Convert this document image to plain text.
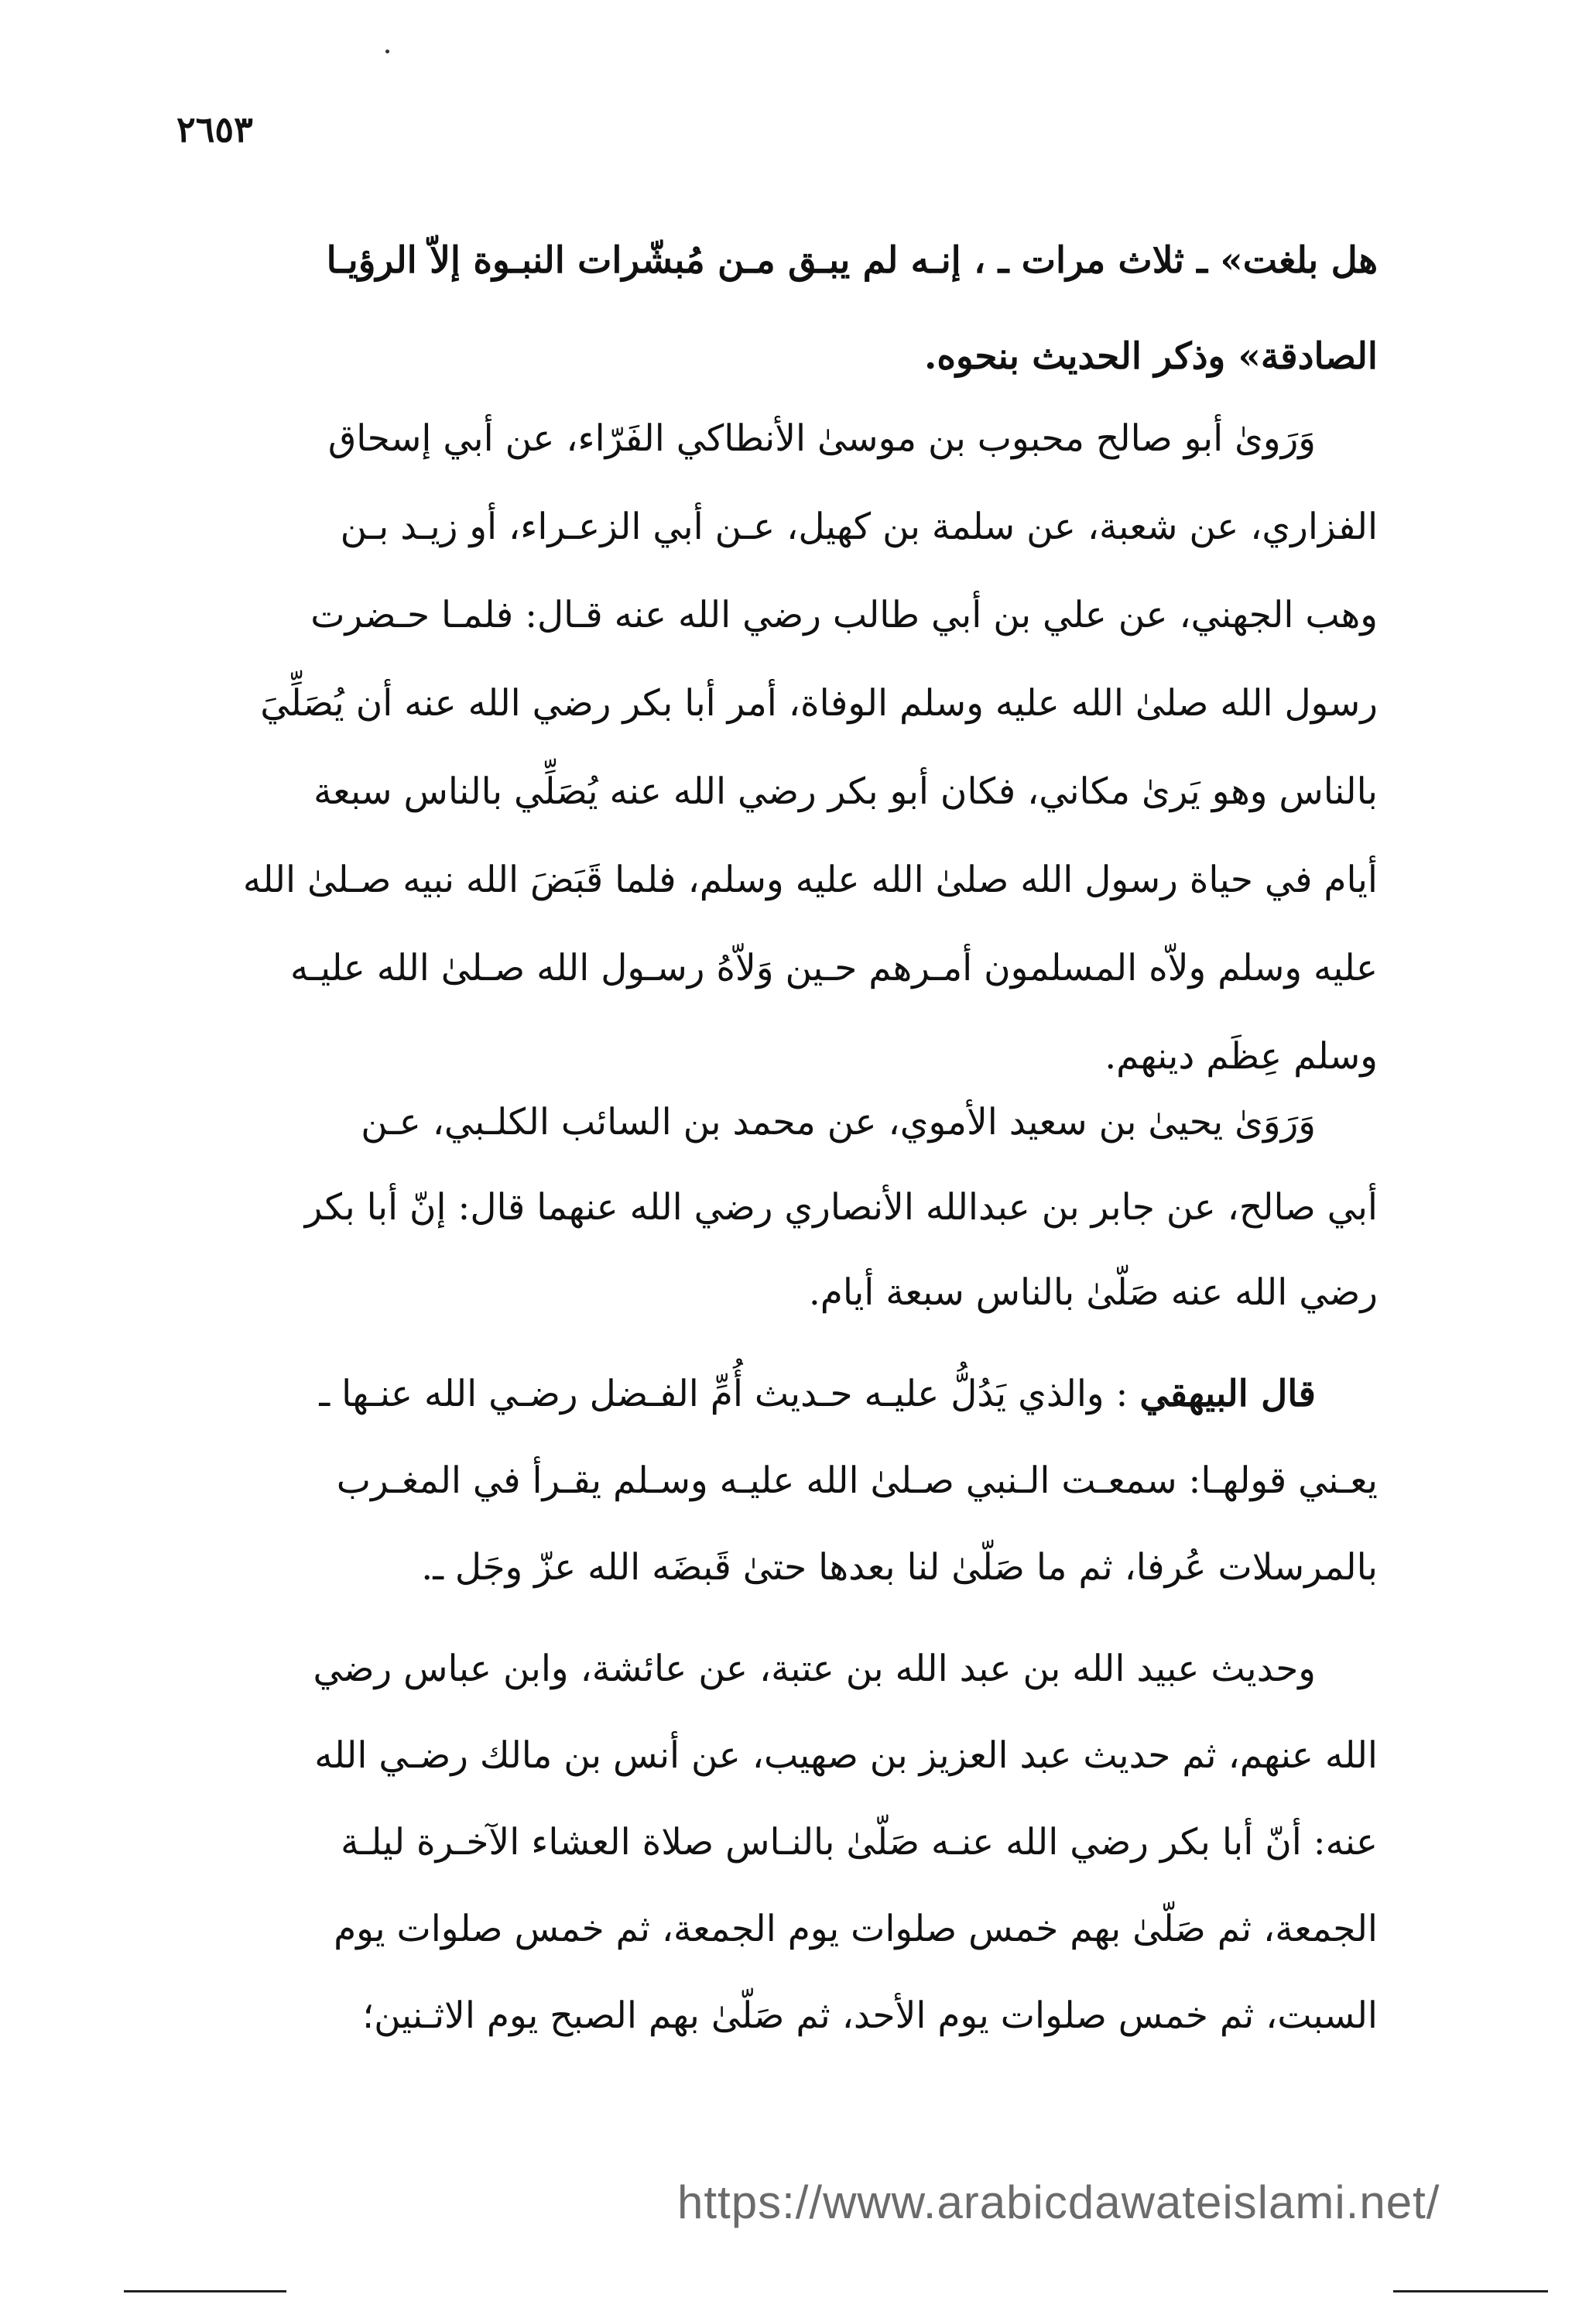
٢٦٥٣
هل بلغت» ـ ثلاث مرات ـ ، إنـه لم يبـق مـن مُبشّرات النبـوة إلاّ الرؤيـا
الصادقة» وذكر الحديث بنحوه.
وَرَوىٰ أبو صالح محبوب بن موسىٰ الأنطاكي الفَرّاء، عن أبي إسحاق
الفزاري، عن شعبة، عن سلمة بن كهيل، عـن أبي الزعـراء، أو زيـد بـن
وهب الجهني، عن علي بن أبي طالب رضي الله عنه قـال: فلمـا حـضرت
رسول الله صلىٰ الله عليه وسلم الوفاة، أمر أبا بكر رضي الله عنه أن يُصَلِّيَ
بالناس وهو يَرىٰ مكاني، فكان أبو بكر رضي الله عنه يُصَلِّي بالناس سبعة
أيام في حياة رسول الله صلىٰ الله عليه وسلم، فلما قَبَضَ الله نبيه صـلىٰ الله
عليه وسلم ولاّه المسلمون أمـرهم حـين وَلاّهُ رسـول الله صـلىٰ الله عليـه
وسلم عِظَم دينهم.
وَرَوَىٰ يحيىٰ بن سعيد الأموي، عن محمد بن السائب الكلـبي، عـن
أبي صالح، عن جابر بن عبدالله الأنصاري رضي الله عنهما قال: إنّ أبا بكر
رضي الله عنه صَلّىٰ بالناس سبعة أيام.
قال البيهقي : والذي يَدُلُّ عليـه حـديث أُمِّ الفـضل رضـي الله عنـها ـ
يعـني قولهـا: سمعـت الـنبي صـلىٰ الله عليـه وسـلم يقـرأ في المغـرب
بالمرسلات عُرفا، ثم ما صَلّىٰ لنا بعدها حتىٰ قَبضَه الله عزّ وجَل ـ.
وحديث عبيد الله بن عبد الله بن عتبة، عن عائشة، وابن عباس رضي
الله عنهم، ثم حديث عبد العزيز بن صهيب، عن أنس بن مالك رضـي الله
عنه: أنّ أبا بكر رضي الله عنـه صَلّىٰ بالنـاس صلاة العشاء الآخـرة ليلـة
الجمعة، ثم صَلّىٰ بهم خمس صلوات يوم الجمعة، ثم خمس صلوات يوم
السبت، ثم خمس صلوات يوم الأحد، ثم صَلّىٰ بهم الصبح يوم الاثـنين؛
https://www.arabicdawateislami.net/
